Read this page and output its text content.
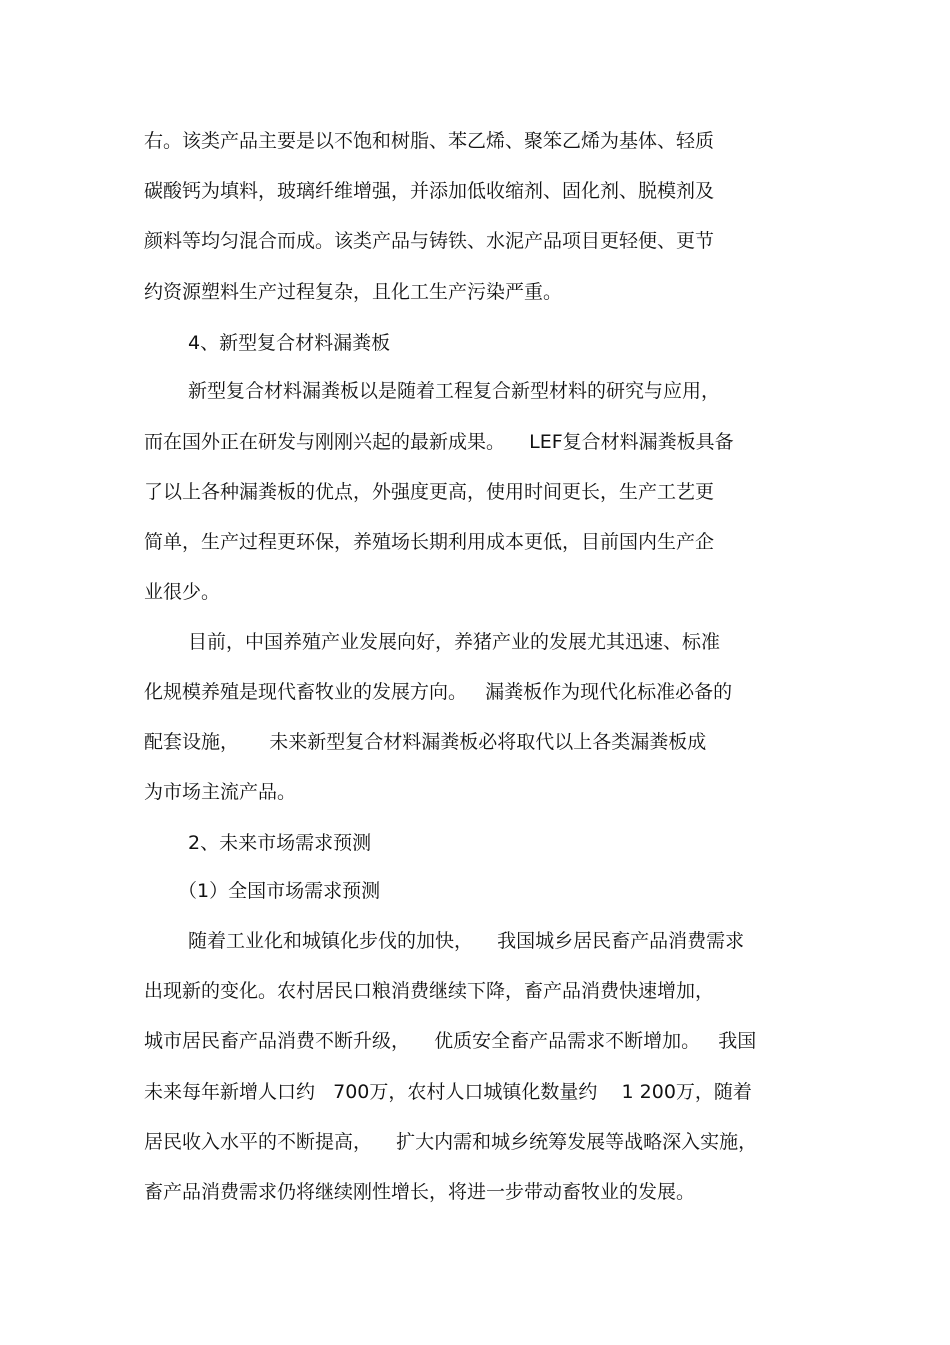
右。该类产品主要是以不饱和树脂、苯乙烯、聚笨乙烯为基体、轻质
碳酸钙为填料，玻璃纤维增强，并添加低收缩剂、固化剂、脱模剂及
颜料等均匀混合而成。该类产品与铸铁、水泥产品项目更轻便、更节
约资源塑料生产过程复杂，且化工生产污染严重。
4、新型复合材料漏粪板
新型复合材料漏粪板以是随着工程复合新型材料的研究与应用，
而在国外正在研发与刚刚兴起的最新成果。    LEF复合材料漏粪板具备
了以上各种漏粪板的优点，外强度更高，使用时间更长，生产工艺更
简单，生产过程更环保，养殖场长期利用成本更低，目前国内生产企
业很少。
目前，中国养殖产业发展向好，养猪产业的发展尤其迅速、标准
化规模养殖是现代畜牧业的发展方向。   漏粪板作为现代化标准必备的
配套设施，     未来新型复合材料漏粪板必将取代以上各类漏粪板成
为市场主流产品。
2、未来市场需求预测
（1）全国市场需求预测
随着工业化和城镇化步伐的加快，    我国城乡居民畜产品消费需求
出现新的变化。农村居民口粮消费继续下降，畜产品消费快速增加，
城市居民畜产品消费不断升级，    优质安全畜产品需求不断增加。   我国
未来每年新增人口约   700万，农村人口城镇化数量约    1 200万，随着
居民收入水平的不断提高，    扩大内需和城乡统筹发展等战略深入实施，
畜产品消费需求仍将继续刚性增长，将进一步带动畜牧业的发展。
